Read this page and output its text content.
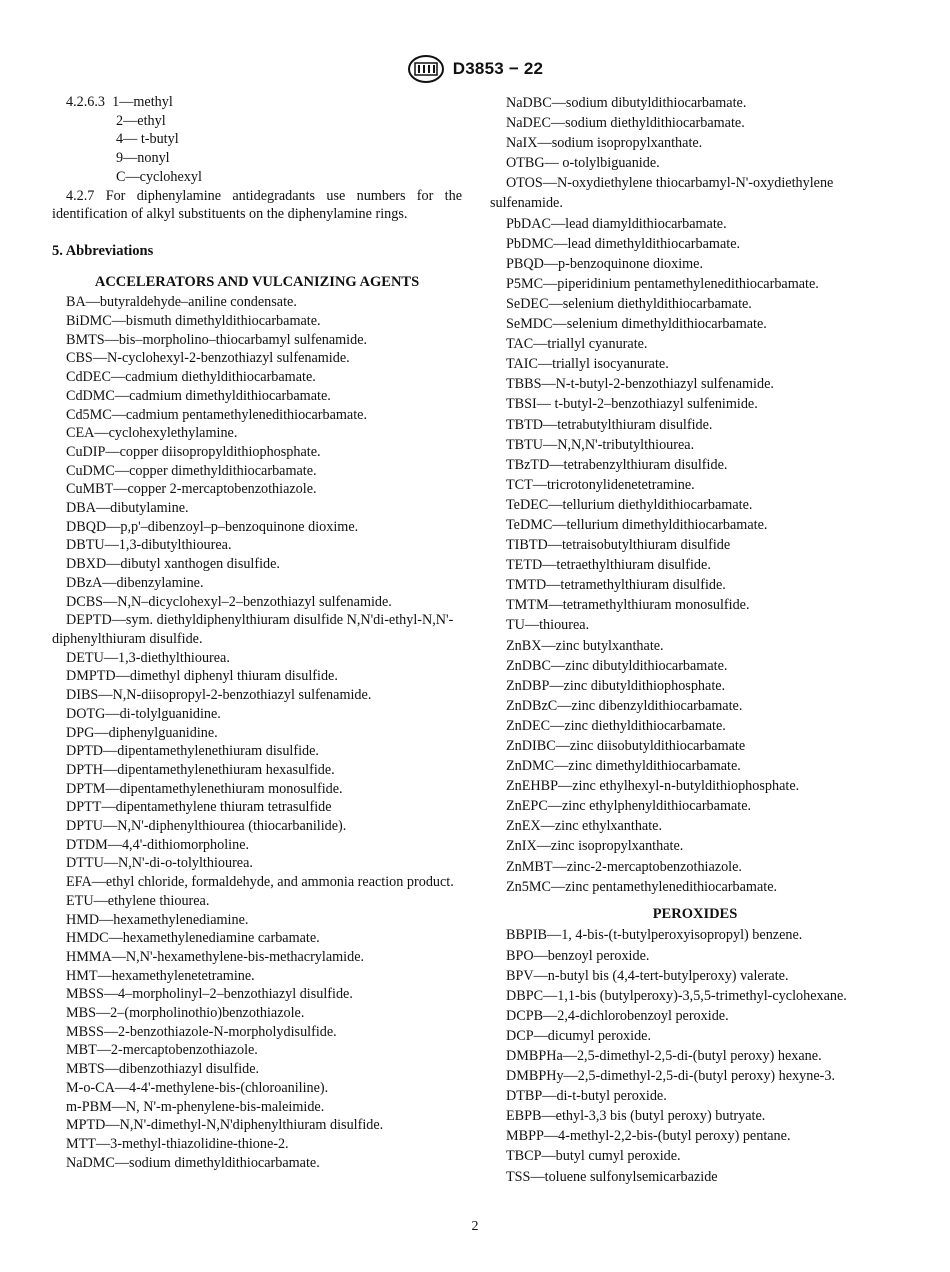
D3853 − 22

4.2.6.3 1—methyl

2—ethyl

4— t-butyl

9—nonyl

C—cyclohexyl

4.2.7 For diphenylamine antidegradants use numbers for the identification of alkyl substituents on the diphenylamine rings.

5. Abbreviations

ACCELERATORS AND VULCANIZING AGENTS

BA—butyraldehyde–aniline condensate.

BiDMC—bismuth dimethyldithiocarbamate.

BMTS—bis–morpholino–thiocarbamyl sulfenamide.

CBS—N-cyclohexyl-2-benzothiazyl sulfenamide.

CdDEC—cadmium diethyldithiocarbamate.

CdDMC—cadmium dimethyldithiocarbamate.

Cd5MC—cadmium pentamethylenedithiocarbamate.

CEA—cyclohexylethylamine.

CuDIP—copper diisopropyldithiophosphate.

CuDMC—copper dimethyldithiocarbamate.

CuMBT—copper 2-mercaptobenzothiazole.

DBA—dibutylamine.

DBQD—p,p'–dibenzoyl–p–benzoquinone dioxime.

DBTU—1,3-dibutylthiourea.

DBXD—dibutyl xanthogen disulfide.

DBzA—dibenzylamine.

DCBS—N,N–dicyclohexyl–2–benzothiazyl sulfenamide.

DEPTD—sym. diethyldiphenylthiuram disulfide N,N'di-ethyl-N,N'-diphenylthiuram disulfide.

DETU—1,3-diethylthiourea.

DMPTD—dimethyl diphenyl thiuram disulfide.

DIBS—N,N-diisopropyl-2-benzothiazyl sulfenamide.

DOTG—di-tolylguanidine.

DPG—diphenylguanidine.

DPTD—dipentamethylenethiuram disulfide.

DPTH—dipentamethylenethiuram hexasulfide.

DPTM—dipentamethylenethiuram monosulfide.

DPTT—dipentamethylene thiuram tetrasulfide

DPTU—N,N'-diphenylthiourea (thiocarbanilide).

DTDM—4,4'-dithiomorpholine.

DTTU—N,N'-di-o-tolylthiourea.

EFA—ethyl chloride, formaldehyde, and ammonia reaction product.

ETU—ethylene thiourea.

HMD—hexamethylenediamine.

HMDC—hexamethylenediamine carbamate.

HMMA—N,N'-hexamethylene-bis-methacrylamide.

HMT—hexamethylenetetramine.

MBSS—4–morpholinyl–2–benzothiazyl disulfide.

MBS—2–(morpholinothio)benzothiazole.

MBSS—2-benzothiazole-N-morpholydisulfide.

MBT—2-mercaptobenzothiazole.

MBTS—dibenzothiazyl disulfide.

M-o-CA—4-4'-methylene-bis-(chloroaniline).

m-PBM—N, N'-m-phenylene-bis-maleimide.

MPTD—N,N'-dimethyl-N,N'diphenylthiuram disulfide.

MTT—3-methyl-thiazolidine-thione-2.

NaDMC—sodium dimethyldithiocarbamate.

NaDBC—sodium dibutyldithiocarbamate.

NaDEC—sodium diethyldithiocarbamate.

NaIX—sodium isopropylxanthate.

OTBG— o-tolylbiguanide.

OTOS—N-oxydiethylene thiocarbamyl-N'-oxydiethylene sulfenamide.

PbDAC—lead diamyldithiocarbamate.

PbDMC—lead dimethyldithiocarbamate.

PBQD—p-benzoquinone dioxime.

P5MC—piperidinium pentamethylenedithiocarbamate.

SeDEC—selenium diethyldithiocarbamate.

SeMDC—selenium dimethyldithiocarbamate.

TAC—triallyl cyanurate.

TAIC—triallyl isocyanurate.

TBBS—N-t-butyl-2-benzothiazyl sulfenamide.

TBSI— t-butyl-2–benzothiazyl sulfenimide.

TBTD—tetrabutylthiuram disulfide.

TBTU—N,N,N'-tributylthiourea.

TBzTD—tetrabenzylthiuram disulfide.

TCT—tricrotonylidenetetramine.

TeDEC—tellurium diethyldithiocarbamate.

TeDMC—tellurium dimethyldithiocarbamate.

TIBTD—tetraisobutylthiuram disulfide

TETD—tetraethylthiuram disulfide.

TMTD—tetramethylthiuram disulfide.

TMTM—tetramethylthiuram monosulfide.

TU—thiourea.

ZnBX—zinc butylxanthate.

ZnDBC—zinc dibutyldithiocarbamate.

ZnDBP—zinc dibutyldithiophosphate.

ZnDBzC—zinc dibenzyldithiocarbamate.

ZnDEC—zinc diethyldithiocarbamate.

ZnDIBC—zinc diisobutyldithiocarbamate

ZnDMC—zinc dimethyldithiocarbamate.

ZnEHBP—zinc ethylhexyl-n-butyldithiophosphate.

ZnEPC—zinc ethylphenyldithiocarbamate.

ZnEX—zinc ethylxanthate.

ZnIX—zinc isopropylxanthate.

ZnMBT—zinc-2-mercaptobenzothiazole.

Zn5MC—zinc pentamethylenedithiocarbamate.

PEROXIDES

BBPIB—1, 4-bis-(t-butylperoxyisopropyl) benzene.

BPO—benzoyl peroxide.

BPV—n-butyl bis (4,4-tert-butylperoxy) valerate.

DBPC—1,1-bis (butylperoxy)-3,5,5-trimethyl-cyclohexane.

DCPB—2,4-dichlorobenzoyl peroxide.

DCP—dicumyl peroxide.

DMBPHa—2,5-dimethyl-2,5-di-(butyl peroxy) hexane.

DMBPHy—2,5-dimethyl-2,5-di-(butyl peroxy) hexyne-3.

DTBP—di-t-butyl peroxide.

EBPB—ethyl-3,3 bis (butyl peroxy) butryate.

MBPP—4-methyl-2,2-bis-(butyl peroxy) pentane.

TBCP—butyl cumyl peroxide.

TSS—toluene sulfonylsemicarbazide

2
